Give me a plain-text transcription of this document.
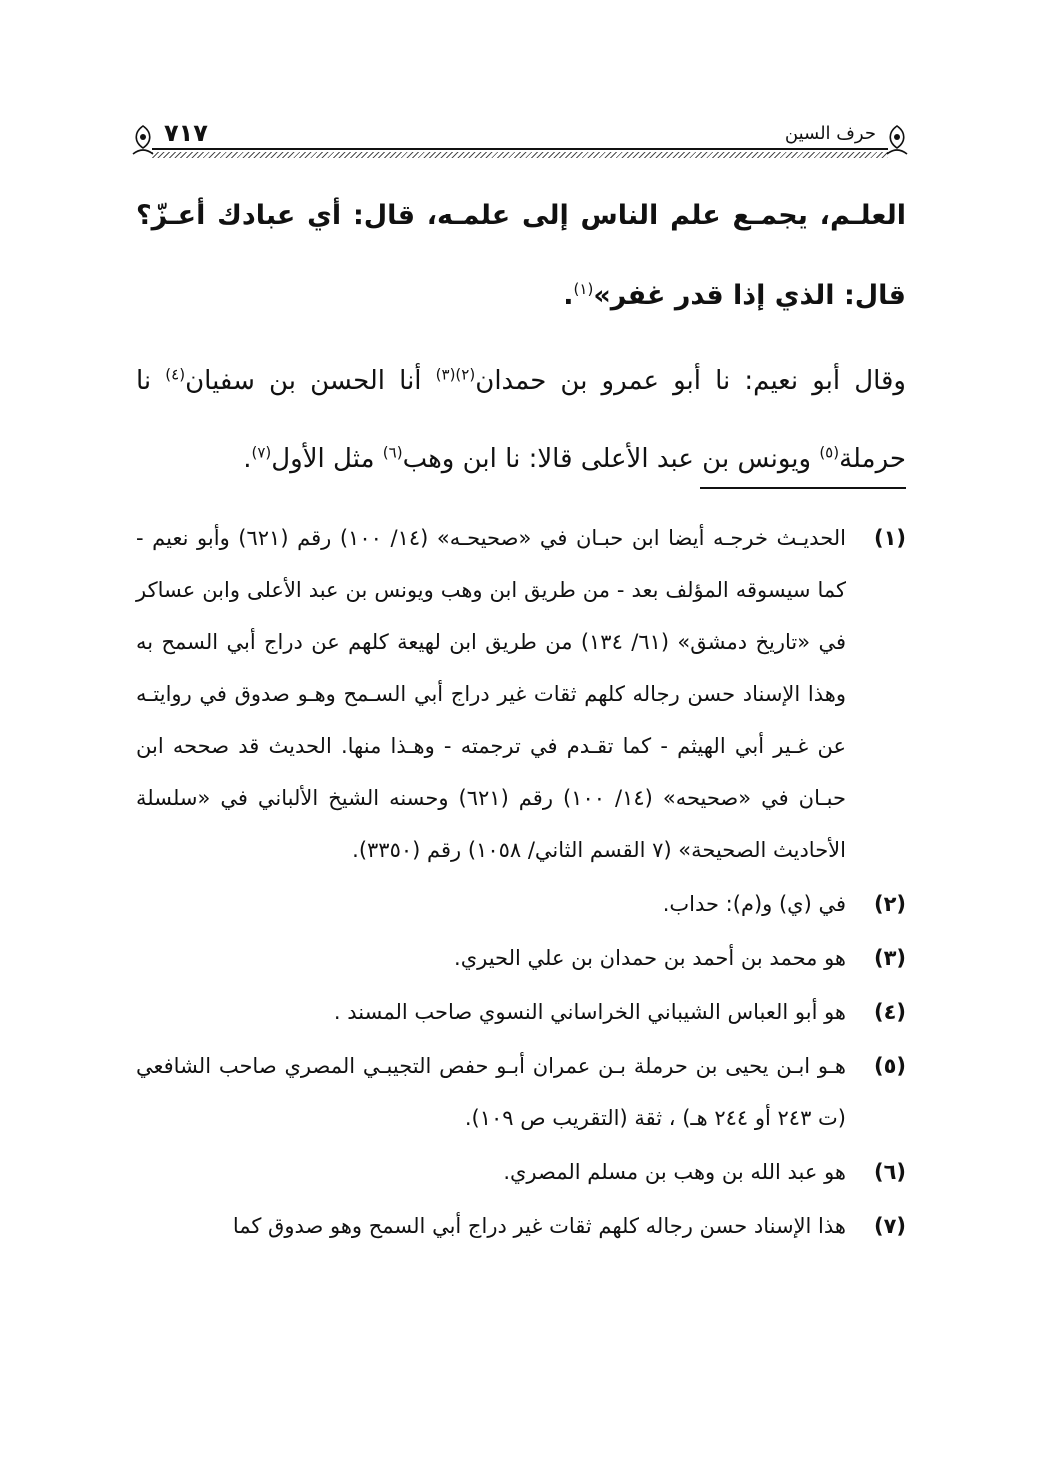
٧١٧	حرف السين

العلـم، يجمـع علم الناس إلى علمـه، قال: أي عبادك أعـزّ؟ قال: الذي إذا قدر غفر»$^{(١)}$.

وقال أبو نعيم: نا أبو عمرو بن حمدان$^{(٢)(٣)}$ أنا الحسن بن سفيان$^{(٤)}$ نا حرملة$^{(٥)}$ ويونس بن عبد الأعلى قالا: نا ابن وهب$^{(٦)}$ مثل الأول$^{(٧)}$.

(١)
الحديـث خرجـه أيضا ابن حبـان في «صحيحـه» (١٤/ ١٠٠) رقم (٦٢١) وأبو نعيم - كما سيسوقه المؤلف بعد - من طريق ابن وهب ويونس بن عبد الأعلى وابن عساكر في «تاريخ دمشق» (٦١/ ١٣٤) من طريق ابن لهيعة كلهم عن دراج أبي السمح به وهذا الإسناد حسن رجاله كلهم ثقات غير دراج أبي السـمح وهـو صدوق في روايتـه عن غـير أبي الهيثم - كما تقـدم في ترجمته - وهـذا منها. الحديث قد صححه ابن حبـان في «صحيحه» (١٤/ ١٠٠) رقم (٦٢١) وحسنه الشيخ الألباني في «سلسلة الأحاديث الصحيحة» (٧ القسم الثاني/ ١٠٥٨) رقم (٣٣٥٠).
(٢)
في (ي) و(م): حداب.
(٣)
هو محمد بن أحمد بن حمدان بن علي الحيري.
(٤)
هو أبو العباس الشيباني الخراساني النسوي صاحب المسند .
(٥)
هـو ابـن يحيى بن حرملة بـن عمران أبـو حفص التجيبـي المصري صاحب الشافعي (ت ٢٤٣ أو ٢٤٤ هـ) ، ثقة (التقريب ص ١٠٩).
(٦)
هو عبد الله بن وهب بن مسلم المصري.
(٧)
هذا الإسناد حسن رجاله كلهم ثقات غير دراج أبي السمح وهو صدوق كما
